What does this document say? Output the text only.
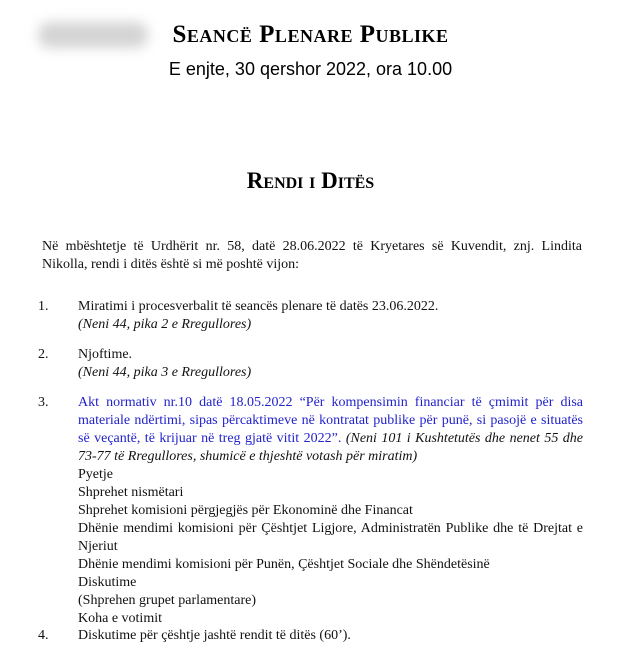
Seancë Plenare Publike
E enjte, 30 qershor 2022, ora 10.00
Rendi i Ditës
Në mbështetje të Urdhërit nr. 58, datë 28.06.2022 të Kryetares së Kuvendit, znj. Lindita Nikolla, rendi i ditës është si më poshtë vijon:
1. Miratimi i procesverbalit të seancës plenare të datës 23.06.2022.
(Neni 44, pika 2 e Rregullores)
2. Njoftime.
(Neni 44, pika 3 e Rregullores)
3. Akt normativ nr.10 datë 18.05.2022 “Për kompensimin financiar të çmimit për disa materiale ndërtimi, sipas përcaktimeve në kontratat publike për punë, si pasojë e situatës së veçantë, të krijuar në treg gjatë vitit 2022”. (Neni 101 i Kushtetutës dhe nenet 55 dhe 73-77 të Rregullores, shumicë e thjeshtë votash për miratim)
Pyetje
Shprehet nismëtari
Shprehet komisioni përgjegjës për Ekonominë dhe Financat
Dhënie mendimi komisioni për Çështjet Ligjore, Administratën Publike dhe të Drejtat e Njeriut
Dhënie mendimi komisioni për Punën, Çështjet Sociale dhe Shëndetësinë
Diskutime
(Shprehen grupet parlamentare)
Koha e votimit
4. Diskutime për çështje jashtë rendit të ditës (60’).
